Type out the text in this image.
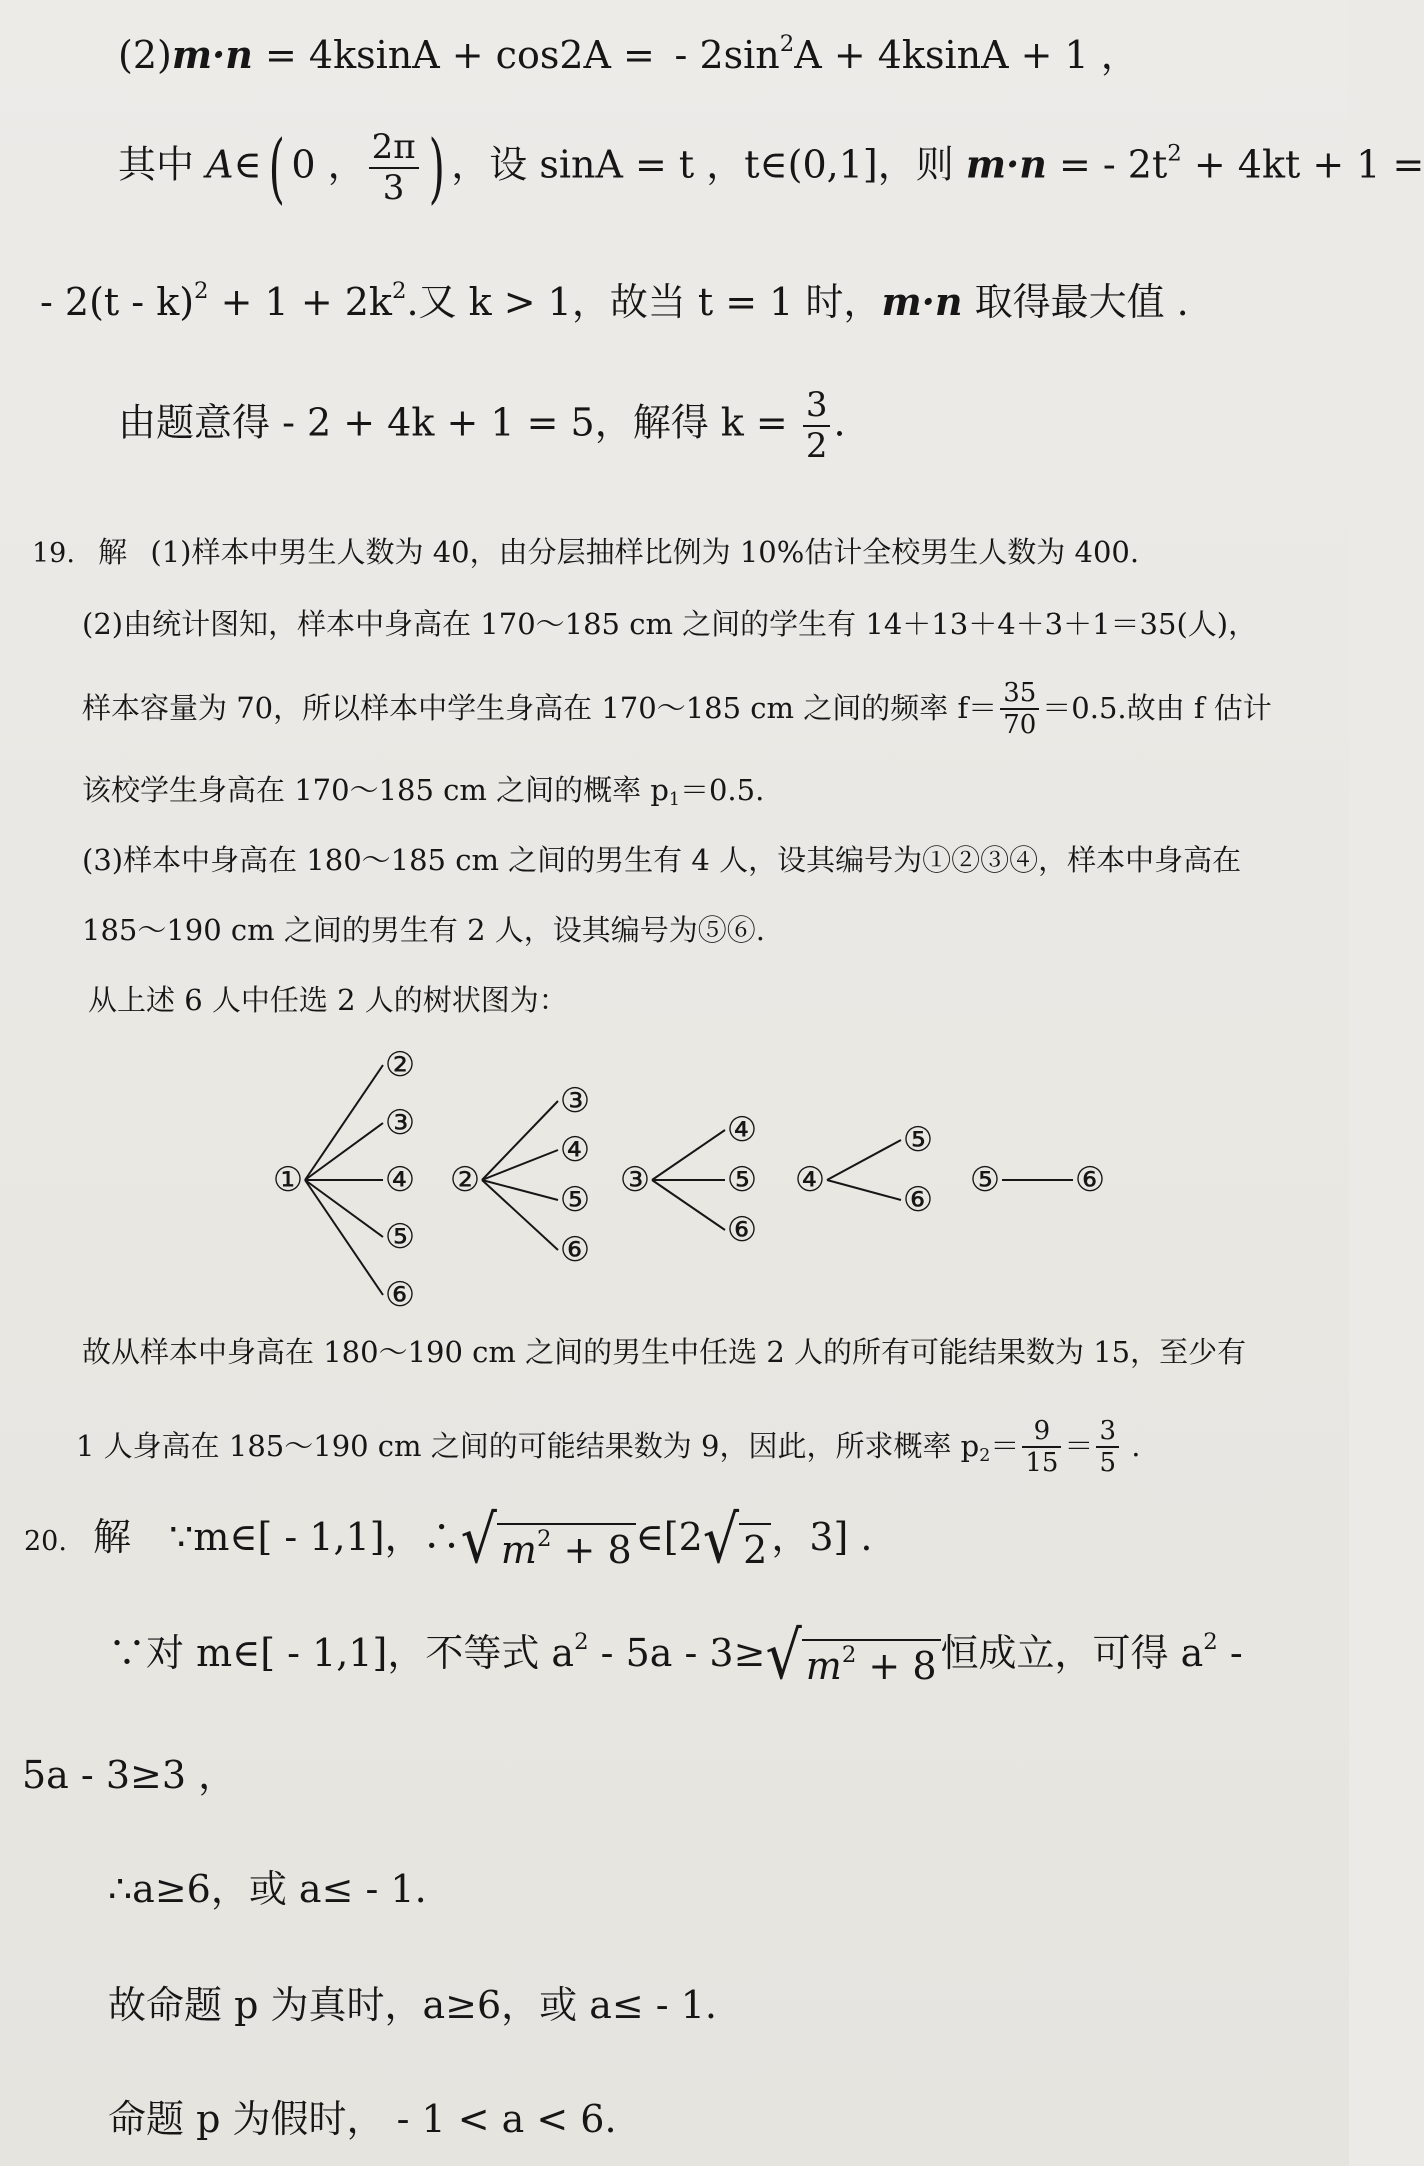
(2)m·n = 4ksinA + cos2A =  - $2\sin^2A + 4ksinA + 1$ ，
其中 A∈( 0 ， $\frac{2\pi}{3}$ ) ，设 sinA = t ，t∈(0,1]，则 m·n = - $2t^2 + 4kt + 1$ =
- $2(t - k)^2 + 1 + 2k^2$.又 k > 1，故当 t = 1 时，m·n 取得最大值 .
由题意得 - 2 + 4k + 1 = 5，解得 $k = \frac{3}{2}$ .
19. 解 (1)样本中男生人数为 40，由分层抽样比例为 10%估计全校男生人数为 400.
(2)由统计图知，样本中身高在 170～185 cm 之间的学生有 14＋13＋4＋3＋1＝35(人)，
样本容量为 70，所以样本中学生身高在 170～185 cm 之间的频率 $f= \frac{35}{70} =0.5$.故由 f 估计
该校学生身高在 170～185 cm 之间的概率 $p_1=0.5$.
(3)样本中身高在 180～185 cm 之间的男生有 4 人，设其编号为①②③④，样本中身高在
185～190 cm 之间的男生有 2 人，设其编号为⑤⑥.
从上述 6 人中任选 2 人的树状图为：
②
③
④
⑤
⑥
①
③
④
⑤
⑥
②
④
⑤
⑥
③
⑤
⑥
④	⑥
⑤
故从样本中身高在 180～190 cm 之间的男生中任选 2 人的所有可能结果数为 15，至少有
1 人身高在 185～190 cm 之间的可能结果数为 9，因此，所求概率 $p_2= \frac{9}{15} = \frac{3}{5}$ .
20. 解 ∵m∈[ - 1,1]，∴√ $m^2 + 8$ ∈[2√ 2 ，3] .
∵对 m∈[ - 1,1]，不等式 $a^2 - 5a - 3\ge√$ $m^2 + 8$ 恒成立，可得 $a^2$ -
5a - 3≥3 ，
∴a≥6，或 a≤ - 1.
故命题 p 为真时，a≥6，或 a≤ - 1.
命题 p 为假时， - 1 < a < 6.
